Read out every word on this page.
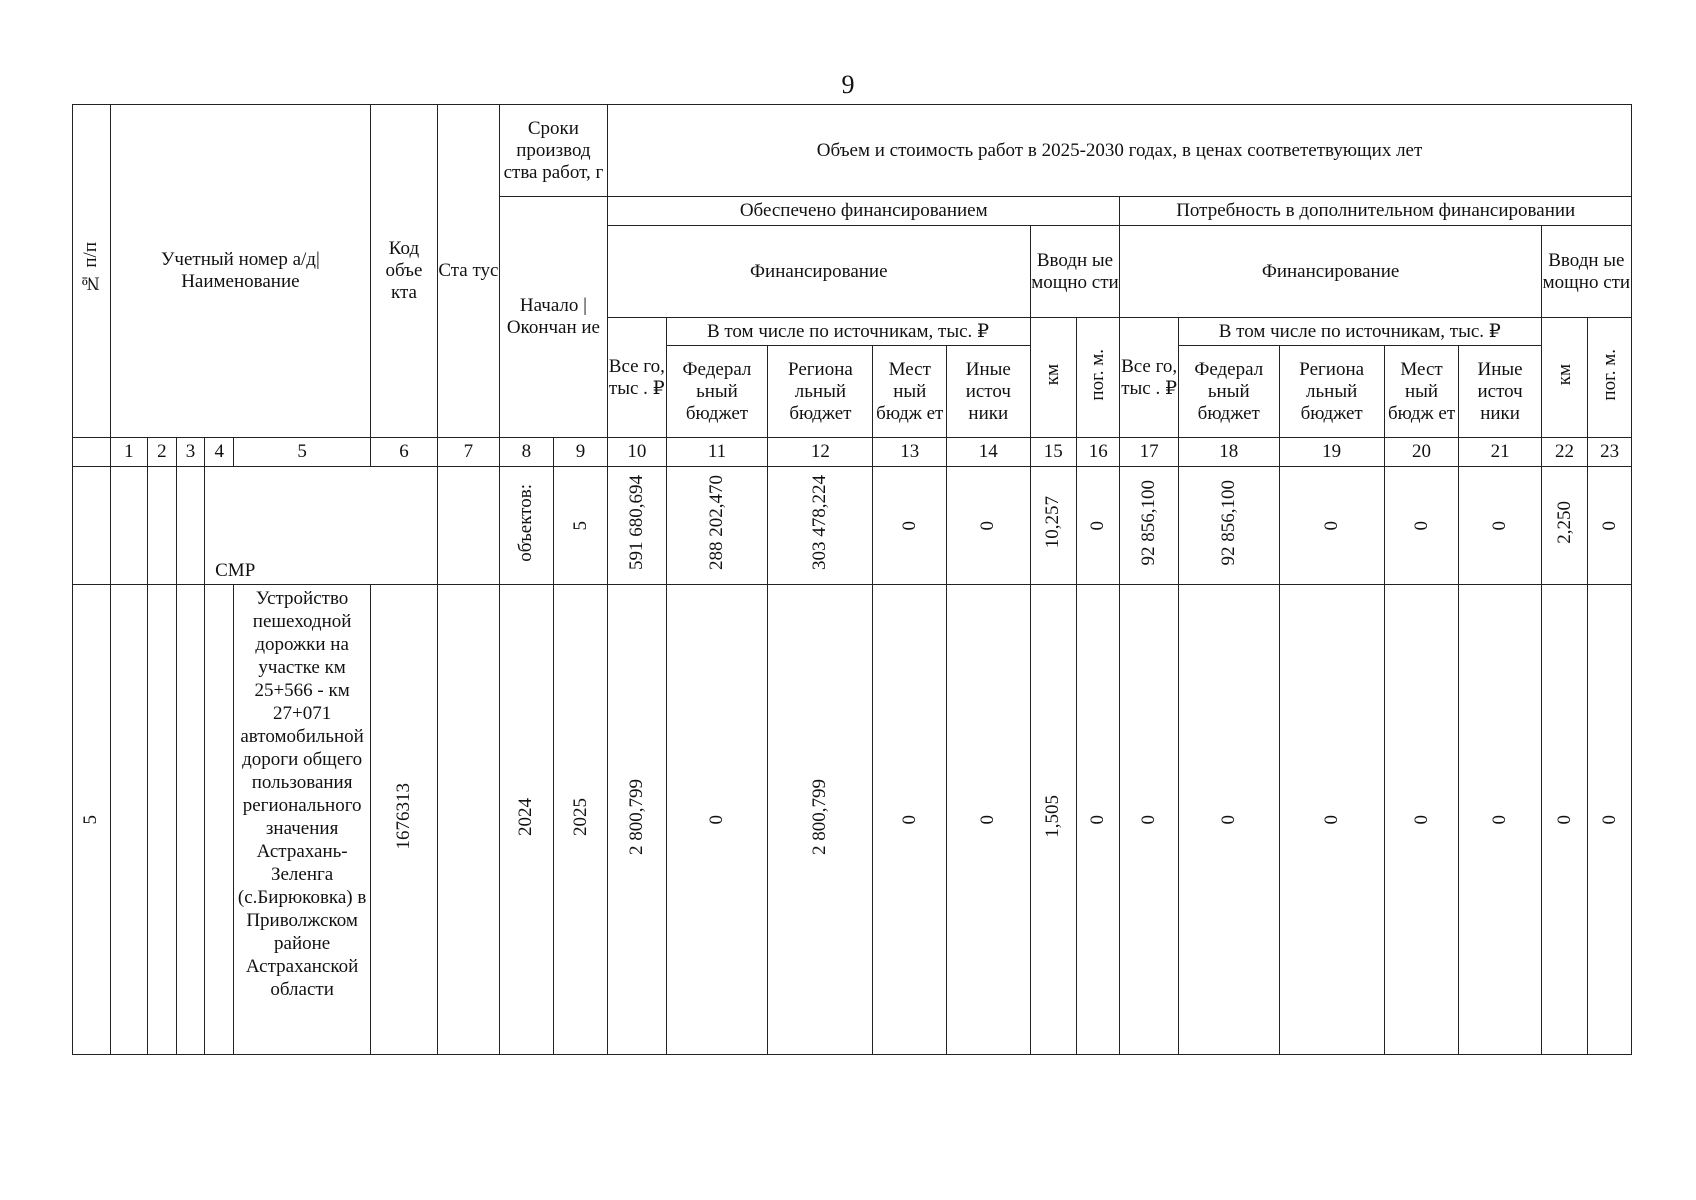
9
№ п/п	Учетный номер а/д| Наименование					Код объе кта	Ста тус	Сроки производ ства работ, г		Объем и стоимость работ в 2025-2030 годах, в ценах соответетвующих лет													
								Начало | Окончан ие		Обеспечено финансированием							Потребность в дополнительном финансировании						
										Финансирование					Вводн ые мощно сти		Финансирование					Вводн ые мощно сти	
										Все го, тыс . ₽	В том числе по источникам, тыс. ₽				км	пог. м.	Все го, тыс . ₽	В том числе по источникам, тыс. ₽				км	пог. м.
											Федерал ьный бюджет	Региона льный бюджет	Мест ный бюдж ет	Иные источ ники				Федерал ьный бюджет	Региона льный бюджет	Мест ный бюдж ет	Иные источ ники		
	1	2	3	4	5	6	7	8	9	10	11	12	13	14	15	16	17	18	19	20	21	22	23
				СМР				объектов:	5	591 680,694	288 202,470	303 478,224	0	0	10,257	0	92 856,100	92 856,100	0	0	0	2,250	0
5					Устройство пешеходной дорожки на участке км 25+566 - км 27+071 автомобильной дороги общего пользования регионального значения Астрахань-Зеленга (с.Бирюковка) в Приволжском районе Астраханской области	1676313		2024	2025	2 800,799	0	2 800,799	0	0	1,505	0	0	0	0	0	0	0	0
